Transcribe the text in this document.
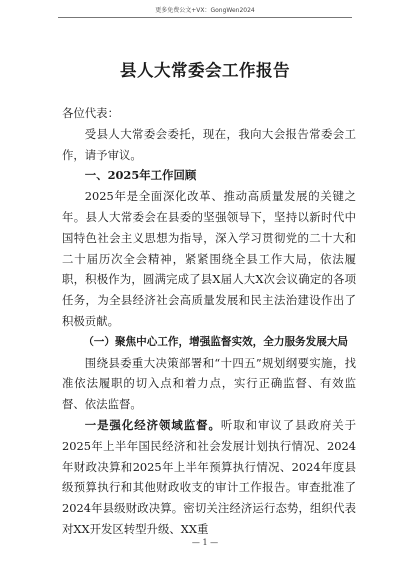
更多免费公文+VX：GongWen2024
县人大常委会工作报告

各位代表：

受县人大常委会委托，现在，我向大会报告常委会工作，请予审议。

一、2025年工作回顾

2025年是全面深化改革、推动高质量发展的关键之年。县人大常委会在县委的坚强领导下，坚持以新时代中国特色社会主义思想为指导，深入学习贯彻党的二十大和二十届历次全会精神，紧紧围绕全县工作大局，依法履职，积极作为，圆满完成了县X届人大X次会议确定的各项任务，为全县经济社会高质量发展和民主法治建设作出了积极贡献。

（一）聚焦中心工作，增强监督实效，全力服务发展大局

围绕县委重大决策部署和“十四五”规划纲要实施，找准依法履职的切入点和着力点，实行正确监督、有效监督、依法监督。

一是强化经济领域监督。听取和审议了县政府关于2025年上半年国民经济和社会发展计划执行情况、2024年财政决算和2025年上半年预算执行情况、2024年度县级预算执行和其他财政收支的审计工作报告。审查批准了2024年县级财政决算。密切关注经济运行态势，组织代表对XX开发区转型升级、XX重

— 1 —
